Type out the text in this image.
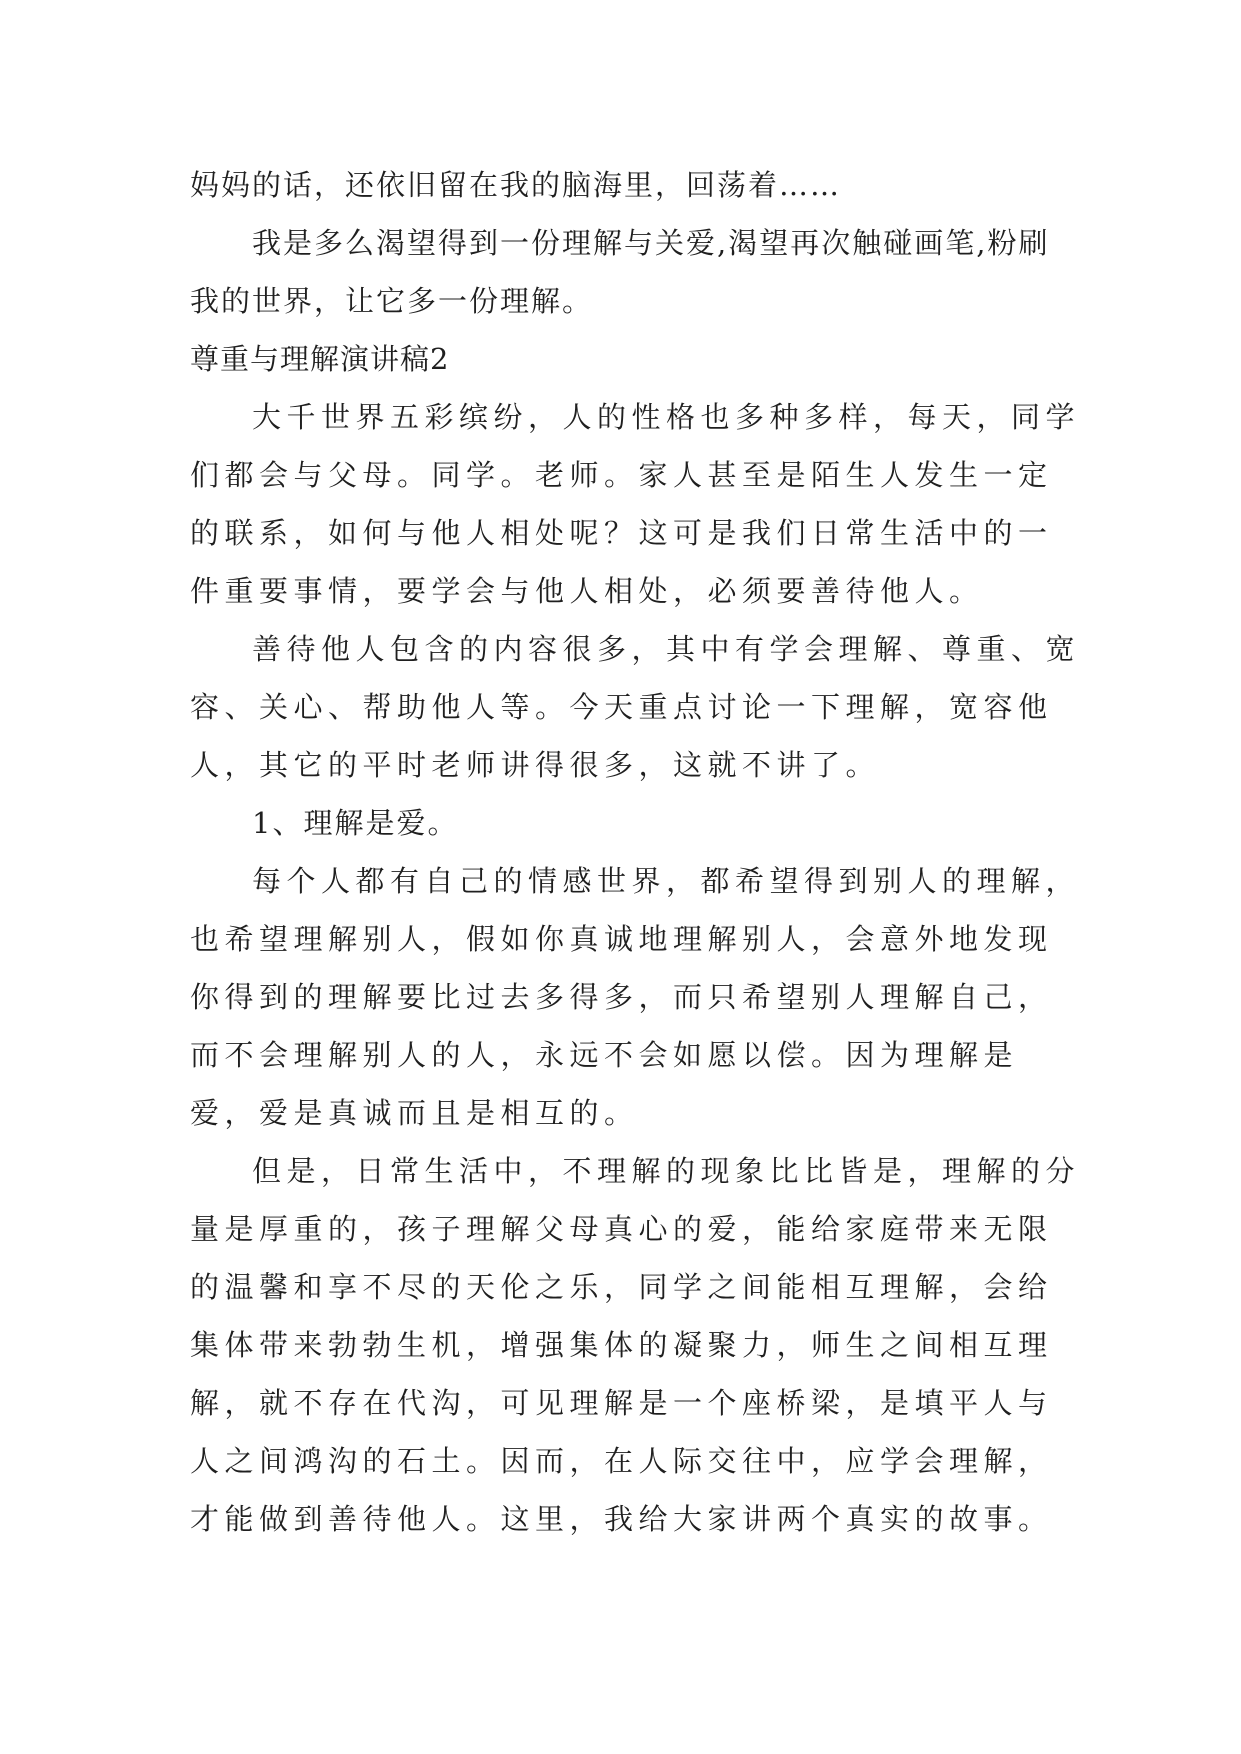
妈妈的话，还依旧留在我的脑海里，回荡着……

我是多么渴望得到一份理解与关爱,渴望再次触碰画笔,粉刷我的世界，让它多一份理解。

尊重与理解演讲稿2

大千世界五彩缤纷，人的性格也多种多样，每天，同学们都会与父母。同学。老师。家人甚至是陌生人发生一定的联系，如何与他人相处呢？这可是我们日常生活中的一件重要事情，要学会与他人相处，必须要善待他人。

善待他人包含的内容很多，其中有学会理解、尊重、宽容、关心、帮助他人等。今天重点讨论一下理解，宽容他人，其它的平时老师讲得很多，这就不讲了。

1、理解是爱。

每个人都有自己的情感世界，都希望得到别人的理解，也希望理解别人，假如你真诚地理解别人，会意外地发现你得到的理解要比过去多得多，而只希望别人理解自己，而不会理解别人的人，永远不会如愿以偿。因为理解是爱，爱是真诚而且是相互的。

但是，日常生活中，不理解的现象比比皆是，理解的分量是厚重的，孩子理解父母真心的爱，能给家庭带来无限的温馨和享不尽的天伦之乐，同学之间能相互理解，会给集体带来勃勃生机，增强集体的凝聚力，师生之间相互理解，就不存在代沟，可见理解是一个座桥梁，是填平人与人之间鸿沟的石土。因而，在人际交往中，应学会理解，才能做到善待他人。这里，我给大家讲两个真实的故事。
